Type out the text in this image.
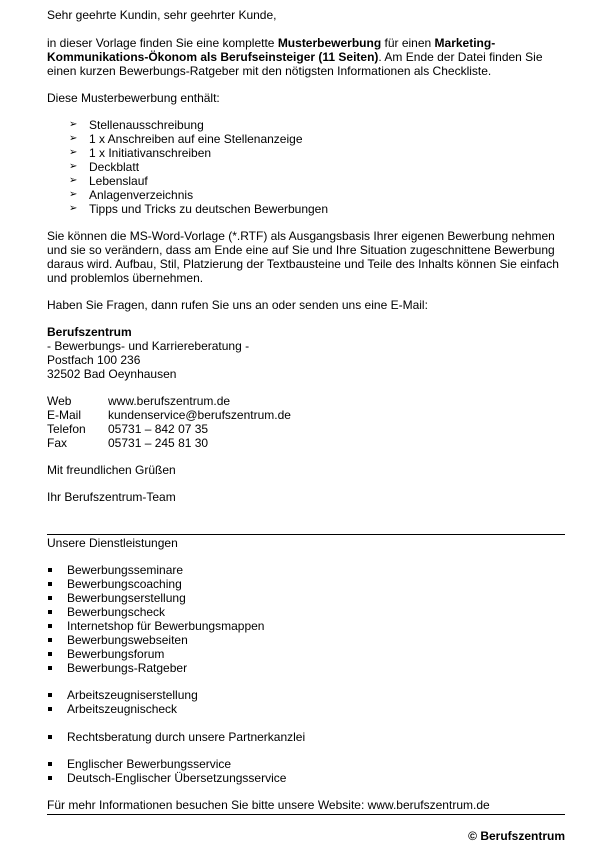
Sehr geehrte Kundin, sehr geehrter Kunde,

in dieser Vorlage finden Sie eine komplette Musterbewerbung für einen Marketing-Kommunikations-Ökonom als Berufseinsteiger (11 Seiten). Am Ende der Datei finden Sie einen kurzen Bewerbungs-Ratgeber mit den nötigsten Informationen als Checkliste.

Diese Musterbewerbung enthält:

➢ Stellenausschreibung
➢ 1 x Anschreiben auf eine Stellenanzeige
➢ 1 x Initiativanschreiben
➢ Deckblatt
➢ Lebenslauf
➢ Anlagenverzeichnis
➢ Tipps und Tricks zu deutschen Bewerbungen

Sie können die MS-Word-Vorlage (*.RTF) als Ausgangsbasis Ihrer eigenen Bewerbung nehmen und sie so verändern, dass am Ende eine auf Sie und Ihre Situation zugeschnittene Bewerbung daraus wird. Aufbau, Stil, Platzierung der Textbausteine und Teile des Inhalts können Sie einfach und problemlos übernehmen.

Haben Sie Fragen, dann rufen Sie uns an oder senden uns eine E-Mail:

Berufszentrum

- Bewerbungs- und Karriereberatung -

Postfach 100 236

32502 Bad Oeynhausen

Web	www.berufszentrum.de
E-Mail kundenservice@berufszentrum.de
Telefon 05731 – 842 07 35
Fax	05731 – 245 81 30

Mit freundlichen Grüßen

Ihr Berufszentrum-Team

Unsere Dienstleistungen

Bewerbungsseminare
Bewerbungscoaching
Bewerbungserstellung
Bewerbungscheck
Internetshop für Bewerbungsmappen
Bewerbungswebseiten
Bewerbungsforum
Bewerbungs-Ratgeber
Arbeitszeugniserstellung
Arbeitszeugnischeck
Rechtsberatung durch unsere Partnerkanzlei
Englischer Bewerbungsservice
Deutsch-Englischer Übersetzungsservice

Für mehr Informationen besuchen Sie bitte unsere Website: www.berufszentrum.de

© Berufszentrum
